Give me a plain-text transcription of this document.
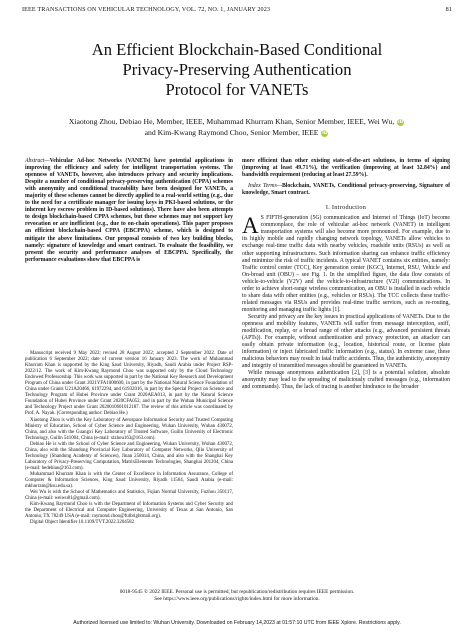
IEEE TRANSACTIONS ON VEHICULAR TECHNOLOGY, VOL. 72, NO. 1, JANUARY 2023	81
An Efficient Blockchain-Based Conditional
Privacy-Preserving Authentication
Protocol for VANETs
Xiaotong Zhou, Debiao He, Member, IEEE, Muhammad Khurram Khan, Senior Member, IEEE, Wei Wu, iD
and Kim-Kwang Raymond Choo, Senior Member, IEEE iD

Abstract—Vehicular Ad-hoc Networks (VANETs) have potential applications in improving the efficiency and safety for intelligent transportation systems. The openness of VANETs, however, also introduces privacy and security implications. Despite a number of conditional privacy-preserving authentication (CPPA) schemes with anonymity and conditional traceability have been designed for VANETs, a majority of these schemes cannot be directly applied to a real-world setting (e.g., due to the need for a certificate manager for issuing keys in PKI-based solutions, or the inherent key escrow problem in ID-based solutions). There have also been attempts to design blockchain-based CPPA schemes, but these schemes may not support key revocation or are inefficient (e.g., due to on-chain operations). This paper proposes an efficient blockchain-based CPPA (EBCPPA) scheme, which is designed to mitigate the above limitations. Our proposal consists of two key building blocks, namely: signature of knowledge and smart contract. To evaluate the feasibility, we present the security and performance analyses of EBCPPA. Specifically, the performance evaluations show that EBCPPA is

Manuscript received 9 May 2022; revised 28 August 2022; accepted 2 September 2022. Date of publication 6 September 2022; date of current version 16 January 2023. The work of Muhammad Khurram Khan is supported by the King Saud University, Riyadh, Saudi Arabia under Project RSP-2022/12. The work of Kim-Kwang Raymond Choo was supported only by the Cloud Technology Endowed Professorship. This work was supported in part by the National Key Research and Development Program of China under Grant 2021YFA1000600, in part by the National Natural Science Foundation of China under Grants U21A20466, 61972294, and 61932016, in part by the Special Project on Science and Technology Program of Hubei Province under Grant 2020AEA013, in part by the Natural Science Foundation of Hubei Province under Grant 2020CFA052, and in part by the Wuhan Municipal Science and Technology Project under Grant 2020010601012187. The review of this article was coordinated by Prof. A. Nayak. (Corresponding author: Debiao He.)

Xiaotong Zhou is with the Key Laboratory of Aerospace Information Security and Trusted Computing Ministry of Education, School of Cyber Science and Engineering, Wuhan University, Wuhan 430072, China, and also with the Guangxi Key Laboratory of Trusted Software, Guilin University of Electronic Technology, Guilin 541004, China (e-mail: xtzhou163@163.com).

Debiao He is with the School of Cyber Science and Engineering, Wuhan University, Wuhan 430072, China, also with the Shandong Provincial Key Laboratory of Computer Networks, Qilu University of Technology (Shandong Academy of Sciences), Jinan 250014, China, and also with the Shanghai Key Laboratory of Privacy-Preserving Computation, MatrixElements Technologies, Shanghai 201204, China (e-mail: hedebiao@163.com).

Muhammad Khurram Khan is with the Center of Excellence in Information Assurance, College of Computer & Information Sciences, King Saud University, Riyadh 11564, Saudi Arabia (e-mail: mkhurram@ksu.edu.sa).

Wei Wu is with the School of Mathematics and Statistics, Fujian Normal University, Fuzhou 350117, China (e-mail: weiwu81@gmail.com).

Kim-Kwang Raymond Choo is with the Department of Information Systems and Cyber Security and the Department of Electrical and Computer Engineering, University of Texas at San Antonio, San Antonio, TX 78249 USA (e-mail: raymond.choo@fulbrightmail.org).

Digital Object Identifier 10.1109/TVT.2022.3204582

more efficient than other existing state-of-the-art solutions, in terms of signing (improving at least 49.71%), the verification (improving at least 32.84%) and bandwidth requirement (reducing at least 27.59%).

Index Terms—Blockchain, VANETs, Conditional privacy-preserving, Signature of knowledge, Smart contract.

I. Introduction

A S FIFTH-generation (5G) communication and Internet of Things (IoT) become commonplace, the role of vehicular ad-hoc network (VANET) in intelligent transportation systems will also become more pronounced. For example, due to its highly mobile and rapidly changing network topology, VANETs allow vehicles to exchange real-time traffic data with nearby vehicles, roadside units (RSUs) as well as other supporting infrastructures. Such information sharing can enhance traffic efficiency and minimize the risk of traffic incidents. A typical VANET contains six entities, namely: Traffic control center (TCC), Key generation center (KGC), Internet, RSU, Vehicle and On-broad unit (OBU) – see Fig. 1. In the simplified figure, the data flow consists of vehicle-to-vehicle (V2V) and the vehicle-to-infrastructure (V2I) communications. In order to achieve short-range wireless communication, an OBU is installed in each vehicle to share data with other entities (e.g., vehicles or RSUs). The TCC collects these traffic-related messages via RSUs and provides real-time traffic services, such as re-routing, monitoring and managing traffic lights [1].

Security and privacy are the key issues in practical applications of VANETs. Due to the openness and mobility features, VANETs will suffer from message interception, sniff, modification, replay, or a broad range of other attacks (e.g., advanced persistent threats (APTs)). For example, without authentication and privacy protection, an attacker can easily obtain private information (e.g., location, historical route, or license plate information) or inject fabricated traffic information (e.g., status). In extreme case, these malicious behaviors may result in fatal traffic accidents. Thus, the authenticity, anonymity and integrity of transmitted messages should be guaranteed in VANETs.

While message anonymous authentication [2], [3] is a potential solution, absolute anonymity may lead to the spreading of maliciously crafted messages (e.g., information and commands). Thus, the lack of tracing is another hindrance to the broader

0018-9545 © 2022 IEEE. Personal use is permitted, but republication/redistribution requires IEEE permission.
See https://www.ieee.org/publications/rights/index.html for more information.
Authorized licensed use limited to: Wuhan University. Downloaded on February 14,2023 at 01:57:10 UTC from IEEE Xplore. Restrictions apply.
